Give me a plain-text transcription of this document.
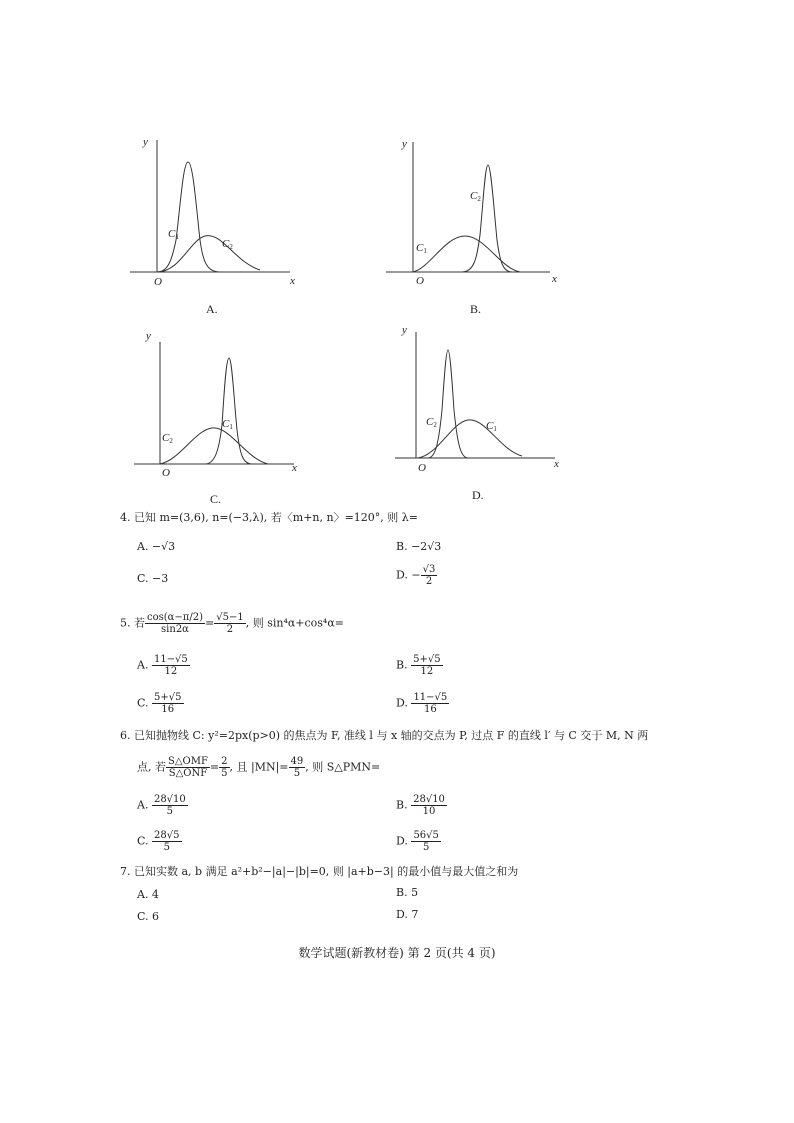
y
x
O
$C_1$
$C_2$
A.
y
x
O
$C_1$
$C_2$
B.
y
x
O
$C_1$
$C_2$
C.
y
x
O
$C_1$
$C_2$
D.
4. 已知 m=(3,6), n=(−3,λ), 若〈m+n, n〉=120°, 则 λ=
A. −√3	B. −2√3
C. −3	D. − $\frac{√3}{2}$
5. 若 $\frac{\cos(\alpha-\pi/2)}{\sin 2\alpha} = \frac{√5-1}{2}$ , 则 sin⁴α+cos⁴α=
A. $\frac{11-√5}{12}$	B. $\frac{5+√5}{12}$
C. $\frac{5+√5}{16}$	D. $\frac{11-√5}{16}$
6. 已知抛物线 C: y²=2px(p>0) 的焦点为 F, 准线 l 与 x 轴的交点为 P, 过点 F 的直线 l′ 与 C 交于 M, N 两
点, 若 $\frac{\text{S△OMF}}{\text{S△ONF}} = \frac{2}{5}$ , 且 $|MN|= \frac{49}{5}$ , 则 S△PMN=
A. $\frac{28√10}{5}$	B. $\frac{28√10}{10}$
C. $\frac{28√5}{5}$	D. $\frac{56√5}{5}$
7. 已知实数 a, b 满足 a²+b²−|a|−|b|=0, 则 |a+b−3| 的最小值与最大值之和为
A. 4	B. 5
C. 6	D. 7
数学试题(新教材卷) 第 2 页(共 4 页)
